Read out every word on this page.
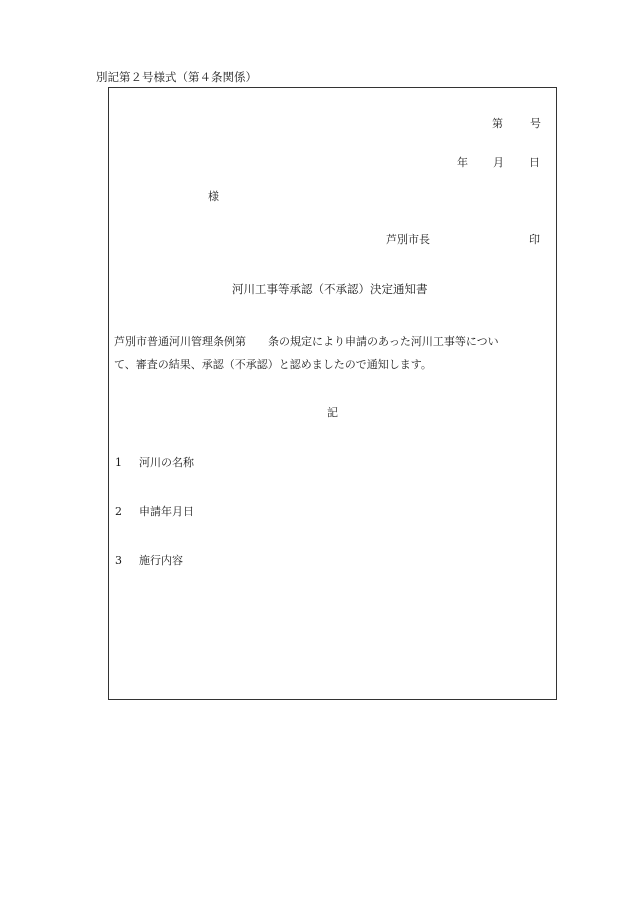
別記第２号様式（第４条関係）
第 号
年 月 日
様
芦別市長	印
河川工事等承認（不承認）決定通知書
芦別市普通河川管理条例第　　条の規定により申請のあった河川工事等につい
て、審査の結果、承認（不承認）と認めましたので通知します。
記
1 河川の名称
2 申請年月日
3 施行内容
